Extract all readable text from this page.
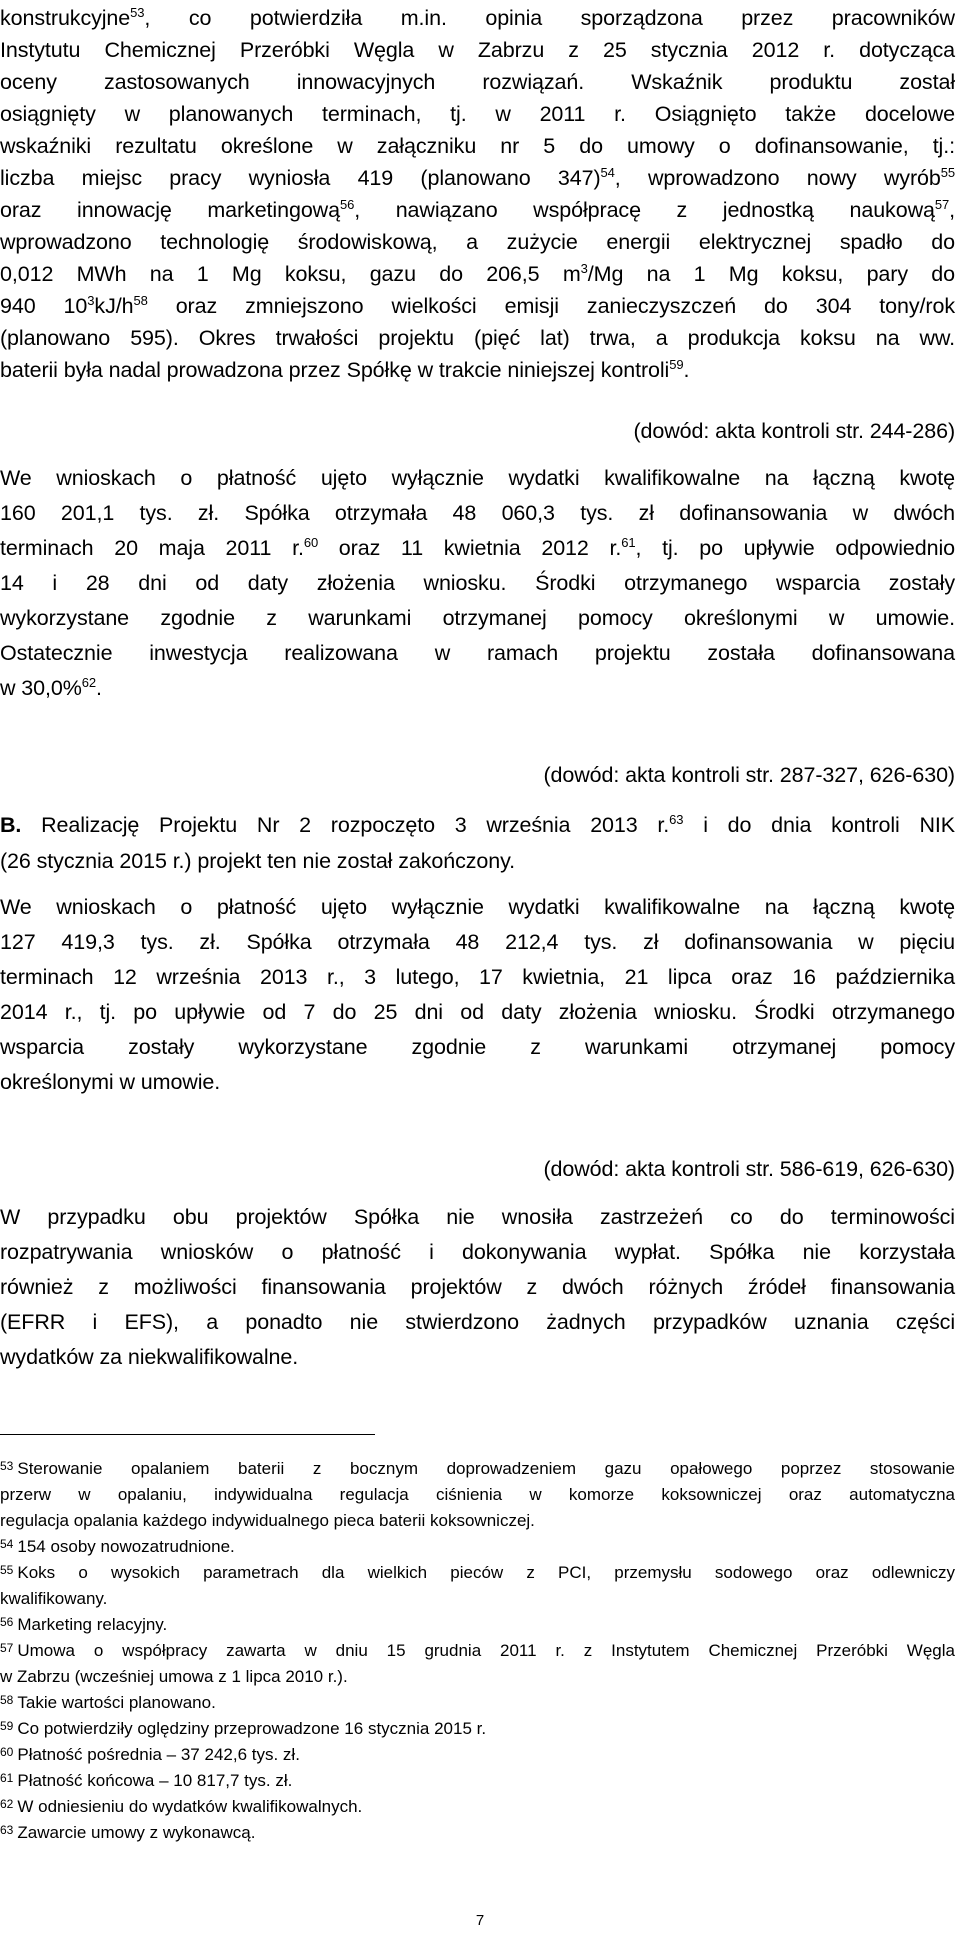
konstrukcyjne$^{53}$, co potwierdziła m.in. opinia sporządzona przez pracowników
Instytutu Chemicznej Przeróbki Węgla w Zabrzu z 25 stycznia 2012 r. dotycząca
oceny zastosowanych innowacyjnych rozwiązań. Wskaźnik produktu został
osiągnięty w planowanych terminach, tj. w 2011 r. Osiągnięto także docelowe
wskaźniki rezultatu określone w załączniku nr 5 do umowy o dofinansowanie, tj.:
liczba miejsc pracy wyniosła 419 (planowano 347)$^{54}$, wprowadzono nowy wyrób$^{55}$
oraz innowację marketingową$^{56}$, nawiązano współpracę z jednostką naukową$^{57}$,
wprowadzono technologię środowiskową, a zużycie energii elektrycznej spadło do
0,012 MWh na 1 Mg koksu, gazu do 206,5 $m^3/Mg$ na 1 Mg koksu, pary do
940 $10^3kJ/h^{58}$ oraz zmniejszono wielkości emisji zanieczyszczeń do 304 tony/rok
(planowano 595). Okres trwałości projektu (pięć lat) trwa, a produkcja koksu na ww.
baterii była nadal prowadzona przez Spółkę w trakcie niniejszej kontroli$^{59}$.
(dowód: akta kontroli str. 244-286)
We wnioskach o płatność ujęto wyłącznie wydatki kwalifikowalne na łączną kwotę
160 201,1 tys. zł. Spółka otrzymała 48 060,3 tys. zł dofinansowania w dwóch
terminach 20 maja 2011 r.$^{60}$ oraz 11 kwietnia 2012 r.$^{61}$, tj. po upływie odpowiednio
14 i 28 dni od daty złożenia wniosku. Środki otrzymanego wsparcia zostały
wykorzystane zgodnie z warunkami otrzymanej pomocy określonymi w umowie.
Ostatecznie inwestycja realizowana w ramach projektu została dofinansowana
w 30,0%$^{62}$.
(dowód: akta kontroli str. 287-327, 626-630)
B. Realizację Projektu Nr 2 rozpoczęto 3 września 2013 r.$^{63}$ i do dnia kontroli NIK
(26 stycznia 2015 r.) projekt ten nie został zakończony.
We wnioskach o płatność ujęto wyłącznie wydatki kwalifikowalne na łączną kwotę
127 419,3 tys. zł. Spółka otrzymała 48 212,4 tys. zł dofinansowania w pięciu
terminach 12 września 2013 r., 3 lutego, 17 kwietnia, 21 lipca oraz 16 października
2014 r., tj. po upływie od 7 do 25 dni od daty złożenia wniosku. Środki otrzymanego
wsparcia zostały wykorzystane zgodnie z warunkami otrzymanej pomocy
określonymi w umowie.
(dowód: akta kontroli str. 586-619, 626-630)
W przypadku obu projektów Spółka nie wnosiła zastrzeżeń co do terminowości
rozpatrywania wniosków o płatność i dokonywania wypłat. Spółka nie korzystała
również z możliwości finansowania projektów z dwóch różnych źródeł finansowania
(EFRR i EFS), a ponadto nie stwierdzono żadnych przypadków uznania części
wydatków za niekwalifikowalne.
$^{53}$ Sterowanie opalaniem baterii z bocznym doprowadzeniem gazu opałowego poprzez stosowanie
przerw w opalaniu, indywidualna regulacja ciśnienia w komorze koksowniczej oraz automatyczna
regulacja opalania każdego indywidualnego pieca baterii koksowniczej.
$^{54}$ 154 osoby nowozatrudnione.
$^{55}$ Koks o wysokich parametrach dla wielkich pieców z PCI, przemysłu sodowego oraz odlewniczy
kwalifikowany.
$^{56}$ Marketing relacyjny.
$^{57}$ Umowa o współpracy zawarta w dniu 15 grudnia 2011 r. z Instytutem Chemicznej Przeróbki Węgla
w Zabrzu (wcześniej umowa z 1 lipca 2010 r.).
$^{58}$ Takie wartości planowano.
$^{59}$ Co potwierdziły oględziny przeprowadzone 16 stycznia 2015 r.
$^{60}$ Płatność pośrednia – 37 242,6 tys. zł.
$^{61}$ Płatność końcowa – 10 817,7 tys. zł.
$^{62}$ W odniesieniu do wydatków kwalifikowalnych.
$^{63}$ Zawarcie umowy z wykonawcą.
7
